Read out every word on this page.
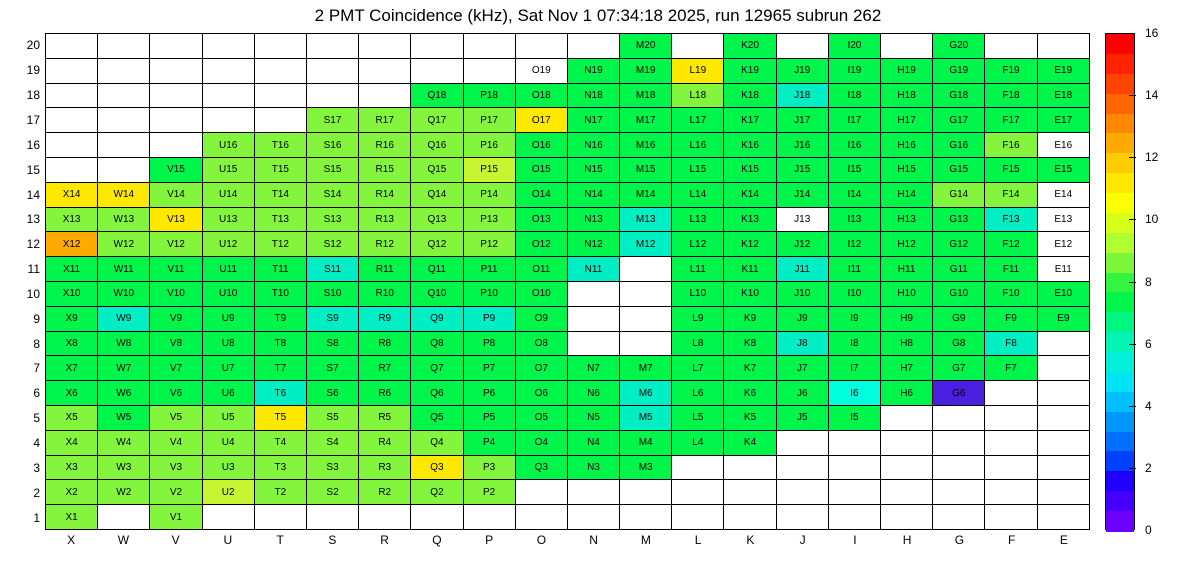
2 PMT Coincidence (kHz), Sat Nov 1 07:34:18 2025, run 12965 subrun 262
20
19
18
17
16
15
14
13
12
11
10
9
8
7
6
5
4
3
2
1
											M20		K20		I20		G20		
									O19	N19	M19	L19	K19	J19	I19	H19	G19	F19	E19
							Q18	P18	O18	N18	M18	L18	K18	J18	I18	H18	G18	F18	E18
					S17	R17	Q17	P17	O17	N17	M17	L17	K17	J17	I17	H17	G17	F17	E17
			U16	T16	S16	R16	Q16	P16	O16	N16	M16	L16	K16	J16	I16	H16	G16	F16	E16
		V15	U15	T15	S15	R15	Q15	P15	O15	N15	M15	L15	K15	J15	I15	H15	G15	F15	E15
X14	W14	V14	U14	T14	S14	R14	Q14	P14	O14	N14	M14	L14	K14	J14	I14	H14	G14	F14	E14
X13	W13	V13	U13	T13	S13	R13	Q13	P13	O13	N13	M13	L13	K13	J13	I13	H13	G13	F13	E13
X12	W12	V12	U12	T12	S12	R12	Q12	P12	O12	N12	M12	L12	K12	J12	I12	H12	G12	F12	E12
X11	W11	V11	U11	T11	S11	R11	Q11	P11	O11	N11		L11	K11	J11	I11	H11	G11	F11	E11
X10	W10	V10	U10	T10	S10	R10	Q10	P10	O10			L10	K10	J10	I10	H10	G10	F10	E10
X9	W9	V9	U9	T9	S9	R9	Q9	P9	O9			L9	K9	J9	I9	H9	G9	F9	E9
X8	W8	V8	U8	T8	S8	R8	Q8	P8	O8			L8	K8	J8	I8	H8	G8	F8	
X7	W7	V7	U7	T7	S7	R7	Q7	P7	O7	N7	M7	L7	K7	J7	I7	H7	G7	F7	
X6	W6	V6	U6	T6	S6	R6	Q6	P6	O6	N6	M6	L6	K6	J6	I6	H6	G6		
X5	W5	V5	U5	T5	S5	R5	Q5	P5	O5	N5	M5	L5	K5	J5	I5				
X4	W4	V4	U4	T4	S4	R4	Q4	P4	O4	N4	M4	L4	K4						
X3	W3	V3	U3	T3	S3	R3	Q3	P3	Q3	N3	M3								
X2	W2	V2	U2	T2	S2	R2	Q2	P2											
X1		V1																	
X	W	V	U	T	S	R	Q	P	O	N	M	L	K	J	I	H	G	F	E
16
14
12
10
8
6
4
2
0
